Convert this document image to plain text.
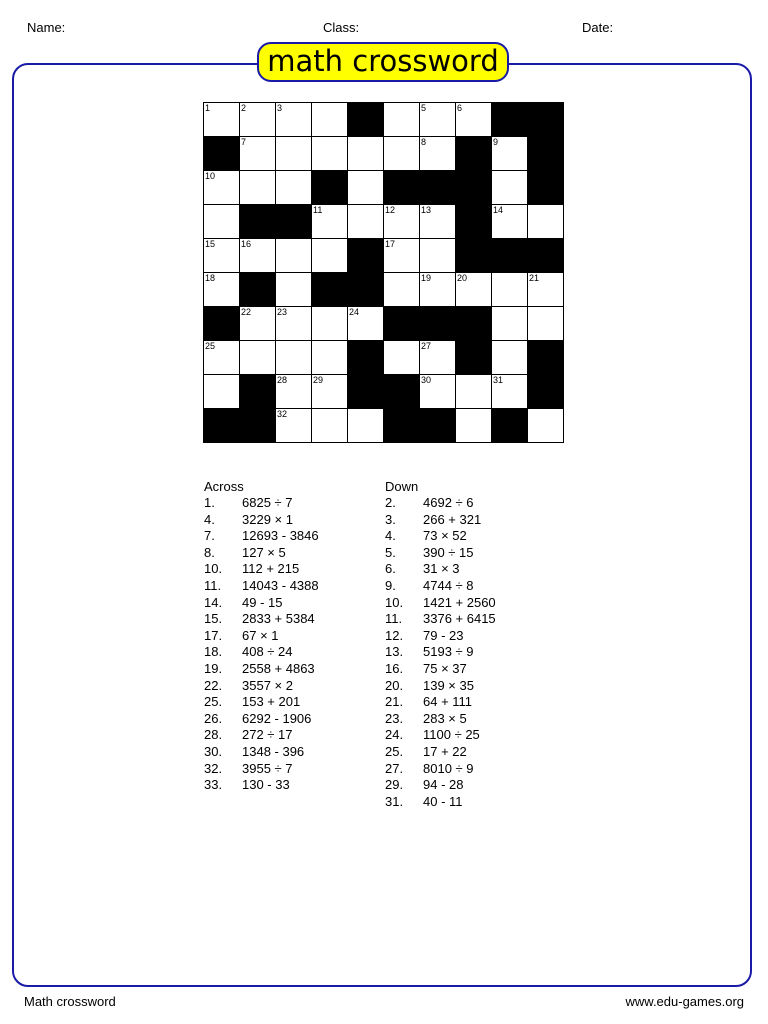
Name:	Class:	Date:
math crossword
1	2	3	4	5	6
7	8	9
10
11	12	13	14
15	16	17
18	19	20	21
22	23	24
25	26	27
28	29	30	31
32	33
Across
1. 6825 ÷ 7
4. 3229 × 1
7. 12693 - 3846
8. 127 × 5
10. 112 + 215
11. 14043 - 4388
14. 49 - 15
15. 2833 + 5384
17. 67 × 1
18. 408 ÷ 24
19. 2558 + 4863
22. 3557 × 2
25. 153 + 201
26. 6292 - 1906
28. 272 ÷ 17
30. 1348 - 396
32. 3955 ÷ 7
33. 130 - 33
Down
2. 4692 ÷ 6
3. 266 + 321
4. 73 × 52
5. 390 ÷ 15
6. 31 × 3
9. 4744 ÷ 8
10. 1421 + 2560
11. 3376 + 6415
12. 79 - 23
13. 5193 ÷ 9
16. 75 × 37
20. 139 × 35
21. 64 + 111
23. 283 × 5
24. 1100 ÷ 25
25. 17 + 22
27. 8010 ÷ 9
29. 94 - 28
31. 40 - 11
Math crossword	www.edu-games.org
